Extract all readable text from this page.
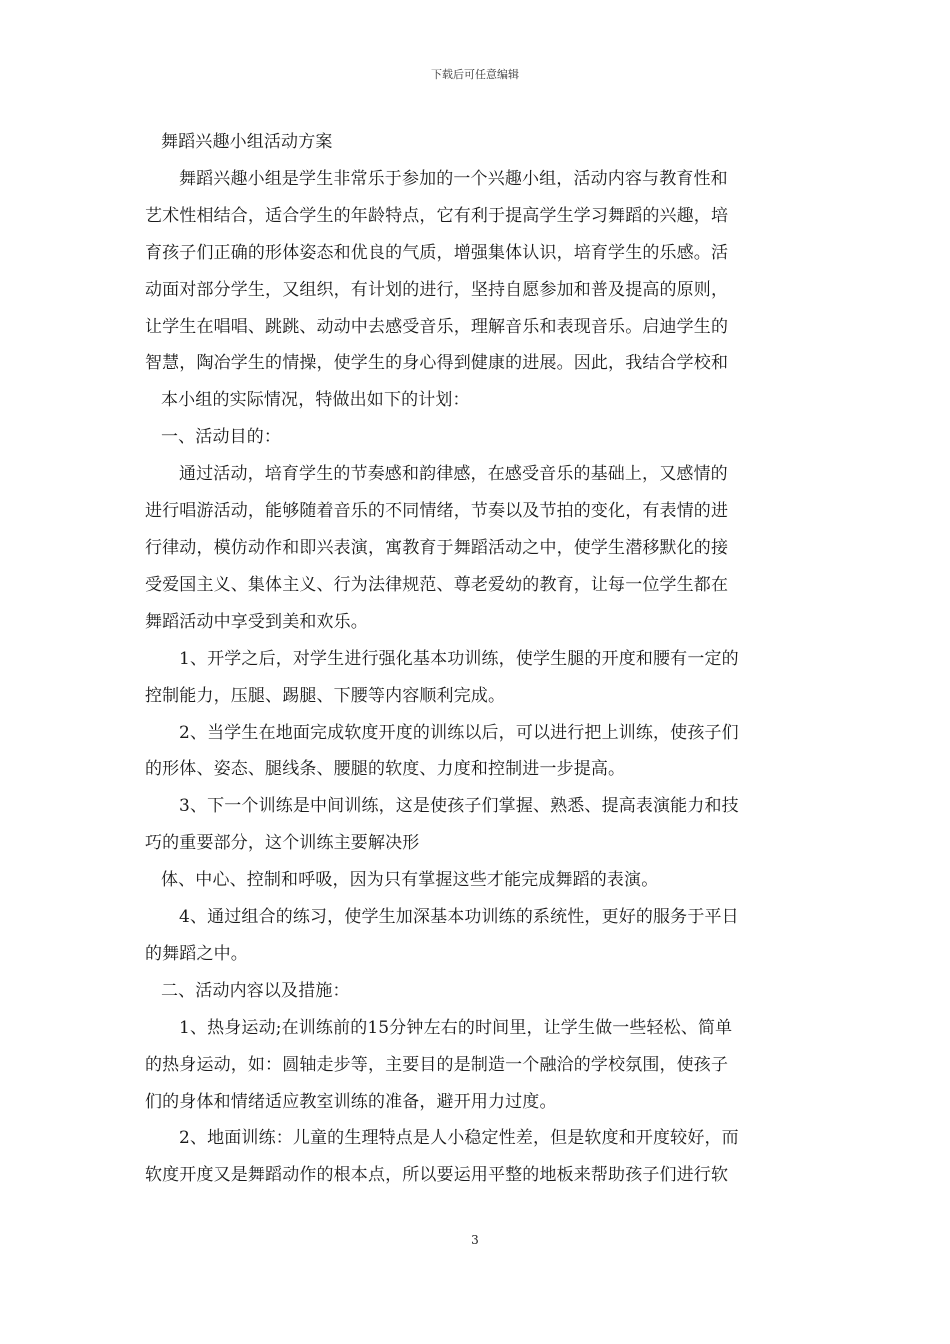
下载后可任意编辑
舞蹈兴趣小组活动方案
舞蹈兴趣小组是学生非常乐于参加的一个兴趣小组，活动内容与教育性和
艺术性相结合，适合学生的年龄特点，它有利于提高学生学习舞蹈的兴趣，培
育孩子们正确的形体姿态和优良的气质，增强集体认识，培育学生的乐感。活
动面对部分学生，又组织，有计划的进行，坚持自愿参加和普及提高的原则，
让学生在唱唱、跳跳、动动中去感受音乐，理解音乐和表现音乐。启迪学生的
智慧，陶冶学生的情操，使学生的身心得到健康的进展。因此，我结合学校和
本小组的实际情况，特做出如下的计划：
一、活动目的：
通过活动，培育学生的节奏感和韵律感，在感受音乐的基础上，又感情的
进行唱游活动，能够随着音乐的不同情绪，节奏以及节拍的变化，有表情的进
行律动，模仿动作和即兴表演，寓教育于舞蹈活动之中，使学生潜移默化的接
受爱国主义、集体主义、行为法律规范、尊老爱幼的教育，让每一位学生都在
舞蹈活动中享受到美和欢乐。
1、开学之后，对学生进行强化基本功训练，使学生腿的开度和腰有一定的
控制能力，压腿、踢腿、下腰等内容顺利完成。
2、当学生在地面完成软度开度的训练以后，可以进行把上训练，使孩子们
的形体、姿态、腿线条、腰腿的软度、力度和控制进一步提高。
3、下一个训练是中间训练，这是使孩子们掌握、熟悉、提高表演能力和技
巧的重要部分，这个训练主要解决形
体、中心、控制和呼吸，因为只有掌握这些才能完成舞蹈的表演。
4、通过组合的练习，使学生加深基本功训练的系统性，更好的服务于平日
的舞蹈之中。
二、活动内容以及措施：
1、热身运动;在训练前的15分钟左右的时间里，让学生做一些轻松、简单
的热身运动，如：圆轴走步等，主要目的是制造一个融洽的学校氛围，使孩子
们的身体和情绪适应教室训练的准备，避开用力过度。
2、地面训练：儿童的生理特点是人小稳定性差，但是软度和开度较好，而
软度开度又是舞蹈动作的根本点，所以要运用平整的地板来帮助孩子们进行软
3
